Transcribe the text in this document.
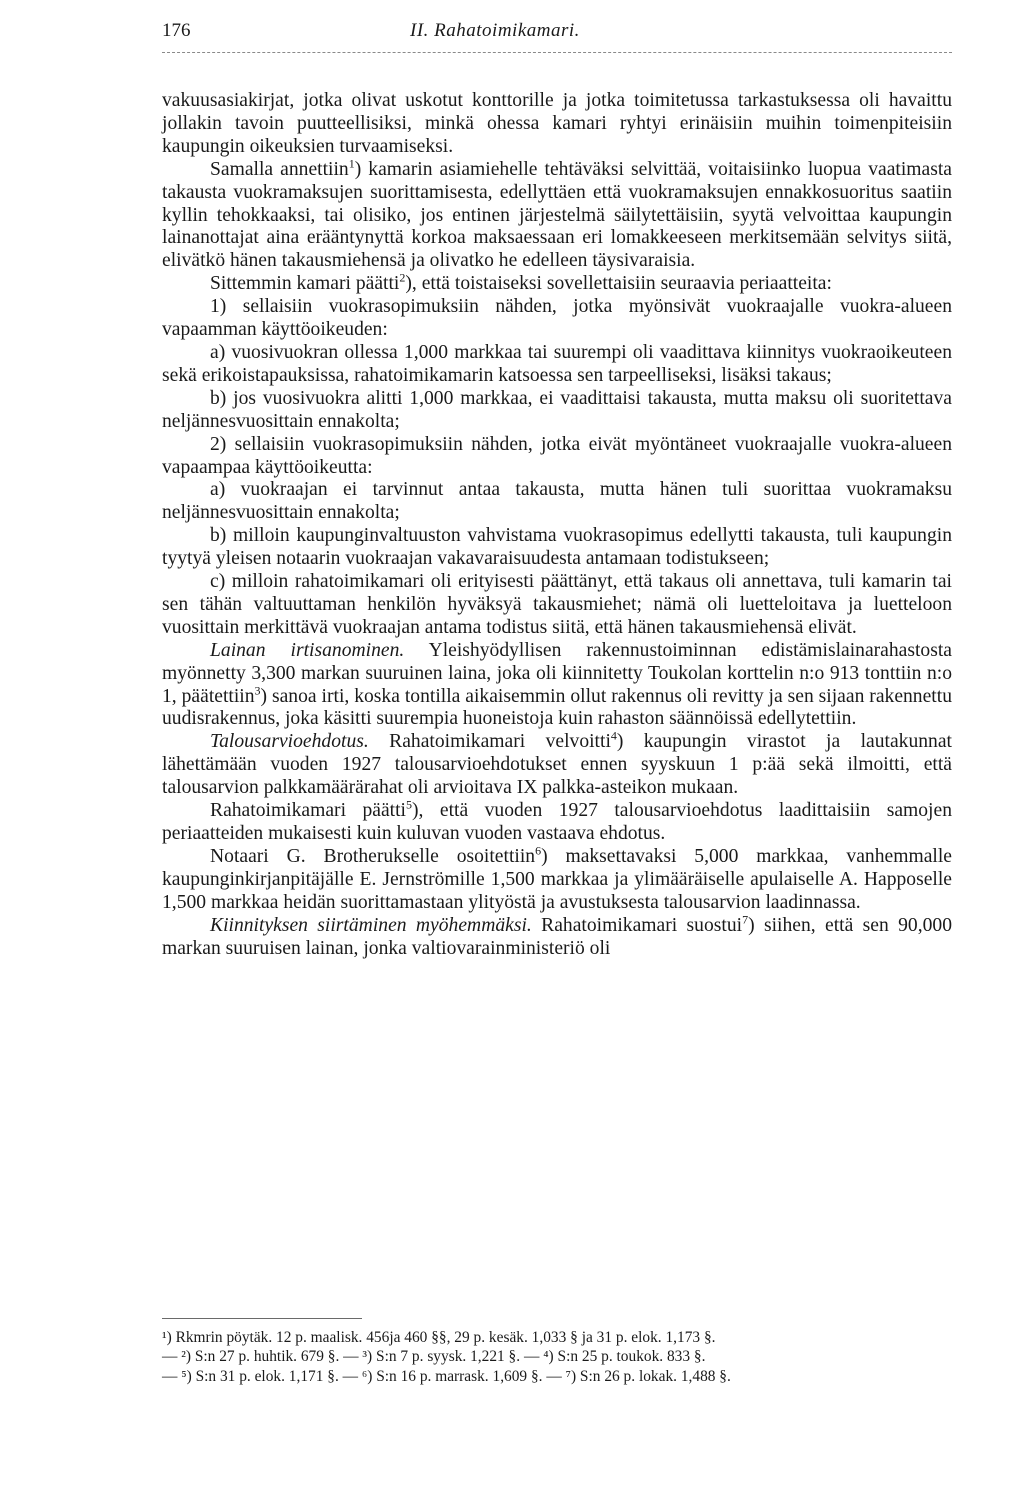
176	II. Rahatoimikamari.

vakuusasiakirjat, jotka olivat uskotut konttorille ja jotka toimitetussa tarkastuksessa oli havaittu jollakin tavoin puutteellisiksi, minkä ohessa kamari ryhtyi erinäisiin muihin toimenpiteisiin kaupungin oikeuksien turvaamiseksi.

Samalla annettiin$^1$) kamarin asiamiehelle tehtäväksi selvittää, voitaisiinko luopua vaatimasta takausta vuokramaksujen suorittamisesta, edellyttäen että vuokramaksujen ennakkosuoritus saatiin kyllin tehokkaaksi, tai olisiko, jos entinen järjestelmä säilytettäisiin, syytä velvoittaa kaupungin lainanottajat aina erääntynyttä korkoa maksaessaan eri lomakkeeseen merkitsemään selvitys siitä, elivätkö hänen takausmiehensä ja olivatko he edelleen täysivaraisia.

Sittemmin kamari päätti$^2$), että toistaiseksi sovellettaisiin seuraavia periaatteita:

1) sellaisiin vuokrasopimuksiin nähden, jotka myönsivät vuokraajalle vuokra-alueen vapaamman käyttöoikeuden:

a) vuosivuokran ollessa 1,000 markkaa tai suurempi oli vaadittava kiinnitys vuokraoikeuteen sekä erikoistapauksissa, rahatoimikamarin katsoessa sen tarpeelliseksi, lisäksi takaus;

b) jos vuosivuokra alitti 1,000 markkaa, ei vaadittaisi takausta, mutta maksu oli suoritettava neljännesvuosittain ennakolta;

2) sellaisiin vuokrasopimuksiin nähden, jotka eivät myöntäneet vuokraajalle vuokra-alueen vapaampaa käyttöoikeutta:

a) vuokraajan ei tarvinnut antaa takausta, mutta hänen tuli suorittaa vuokramaksu neljännesvuosittain ennakolta;

b) milloin kaupunginvaltuuston vahvistama vuokrasopimus edellytti takausta, tuli kaupungin tyytyä yleisen notaarin vuokraajan vakavaraisuudesta antamaan todistukseen;

c) milloin rahatoimikamari oli erityisesti päättänyt, että takaus oli annettava, tuli kamarin tai sen tähän valtuuttaman henkilön hyväksyä takausmiehet; nämä oli luetteloitava ja luetteloon vuosittain merkittävä vuokraajan antama todistus siitä, että hänen takausmiehensä elivät.

Lainan irtisanominen. Yleishyödyllisen rakennustoiminnan edistämislainarahastosta myönnetty 3,300 markan suuruinen laina, joka oli kiinnitetty Toukolan korttelin n:o 913 tonttiin n:o 1, päätettiin$^3$) sanoa irti, koska tontilla aikaisemmin ollut rakennus oli revitty ja sen sijaan rakennettu uudisrakennus, joka käsitti suurempia huoneistoja kuin rahaston säännöissä edellytettiin.

Talousarvioehdotus. Rahatoimikamari velvoitti$^4$) kaupungin virastot ja lautakunnat lähettämään vuoden 1927 talousarvioehdotukset ennen syyskuun 1 p:ää sekä ilmoitti, että talousarvion palkkamäärärahat oli arvioitava IX palkka-asteikon mukaan.

Rahatoimikamari päätti$^5$), että vuoden 1927 talousarvioehdotus laadittaisiin samojen periaatteiden mukaisesti kuin kuluvan vuoden vastaava ehdotus.

Notaari G. Brotherukselle osoitettiin$^6$) maksettavaksi 5,000 markkaa, vanhemmalle kaupunginkirjanpitäjälle E. Jernströmille 1,500 markkaa ja ylimääräiselle apulaiselle A. Happoselle 1,500 markkaa heidän suorittamastaan ylityöstä ja avustuksesta talousarvion laadinnassa.

Kiinnityksen siirtäminen myöhemmäksi. Rahatoimikamari suostui$^7$) siihen, että sen 90,000 markan suuruisen lainan, jonka valtiovarainministeriö oli

¹) Rkmrin pöytäk. 12 p. maalisk. 456ja 460 §§, 29 p. kesäk. 1,033 § ja 31 p. elok. 1,173 §.

— ²) S:n 27 p. huhtik. 679 §. — ³) S:n 7 p. syysk. 1,221 §. — ⁴) S:n 25 p. toukok. 833 §.

— ⁵) S:n 31 p. elok. 1,171 §. — ⁶) S:n 16 p. marrask. 1,609 §. — ⁷) S:n 26 p. lokak. 1,488 §.
